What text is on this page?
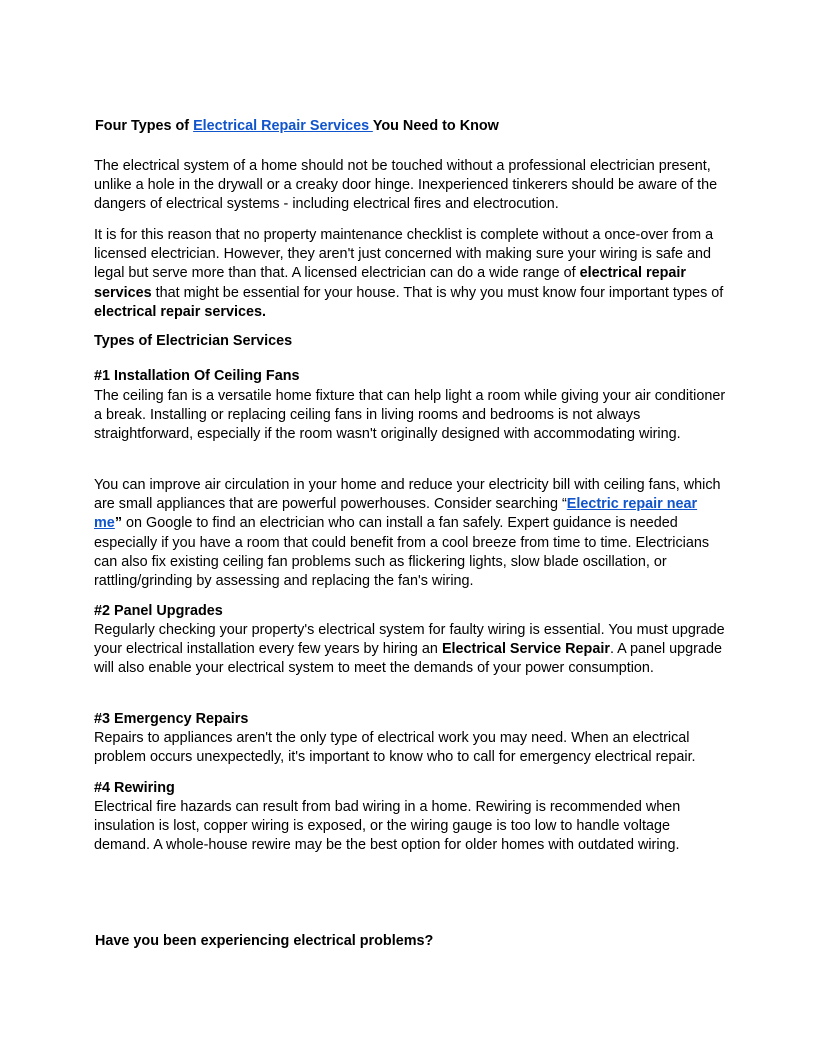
Four Types of Electrical Repair Services You Need to Know

The electrical system of a home should not be touched without a professional electrician present, unlike a hole in the drywall or a creaky door hinge. Inexperienced tinkerers should be aware of the dangers of electrical systems - including electrical fires and electrocution.

It is for this reason that no property maintenance checklist is complete without a once-over from a licensed electrician. However, they aren't just concerned with making sure your wiring is safe and legal but serve more than that. A licensed electrician can do a wide range of electrical repair services that might be essential for your house. That is why you must know four important types of electrical repair services.

Types of Electrician Services
#1 Installation Of Ceiling Fans

The ceiling fan is a versatile home fixture that can help light a room while giving your air conditioner a break. Installing or replacing ceiling fans in living rooms and bedrooms is not always straightforward, especially if the room wasn't originally designed with accommodating wiring.

You can improve air circulation in your home and reduce your electricity bill with ceiling fans, which are small appliances that are powerful powerhouses. Consider searching “Electric repair near me” on Google to find an electrician who can install a fan safely. Expert guidance is needed especially if you have a room that could benefit from a cool breeze from time to time. Electricians can also fix existing ceiling fan problems such as flickering lights, slow blade oscillation, or rattling/grinding by assessing and replacing the fan's wiring.

#2 Panel Upgrades

Regularly checking your property's electrical system for faulty wiring is essential. You must upgrade your electrical installation every few years by hiring an Electrical Service Repair. A panel upgrade will also enable your electrical system to meet the demands of your power consumption.

#3 Emergency Repairs

Repairs to appliances aren't the only type of electrical work you may need. When an electrical problem occurs unexpectedly, it's important to know who to call for emergency electrical repair.

#4 Rewiring

Electrical fire hazards can result from bad wiring in a home. Rewiring is recommended when insulation is lost, copper wiring is exposed, or the wiring gauge is too low to handle voltage demand. A whole-house rewire may be the best option for older homes with outdated wiring.

Have you been experiencing electrical problems?
